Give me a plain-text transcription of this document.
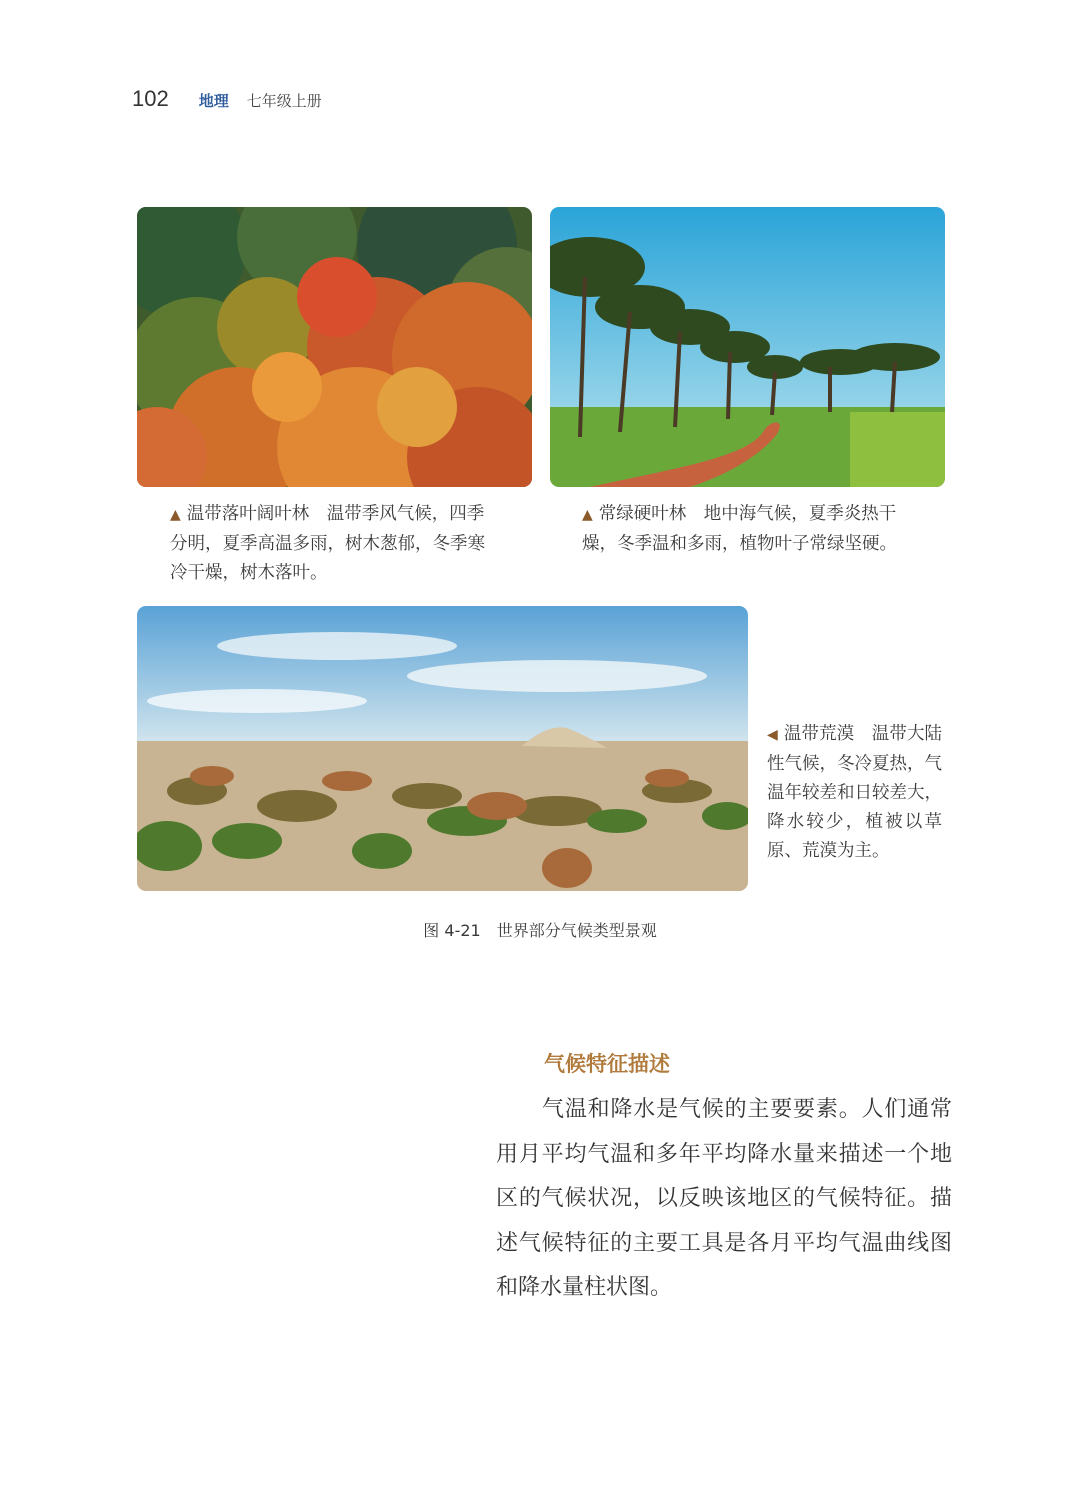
102 地理 七年级上册

▲ 温带落叶阔叶林　 温带季风气候，四季分明，夏季高温多雨，树木葱郁，冬季寒冷干燥，树木落叶。

▲ 常绿硬叶林　 地中海气候，夏季炎热干燥，冬季温和多雨，植物叶子常绿坚硬。

◀ 温带荒漠　 温带大陆性气候，冬冷夏热，气温年较差和日较差大，降水较少，植被以草原、荒漠为主。

图 4-21　世界部分气候类型景观
气候特征描述

气温和降水是气候的主要要素。人们通常用月平均气温和多年平均降水量来描述一个地区的气候状况，以反映该地区的气候特征。描述气候特征的主要工具是各月平均气温曲线图和降水量柱状图。
